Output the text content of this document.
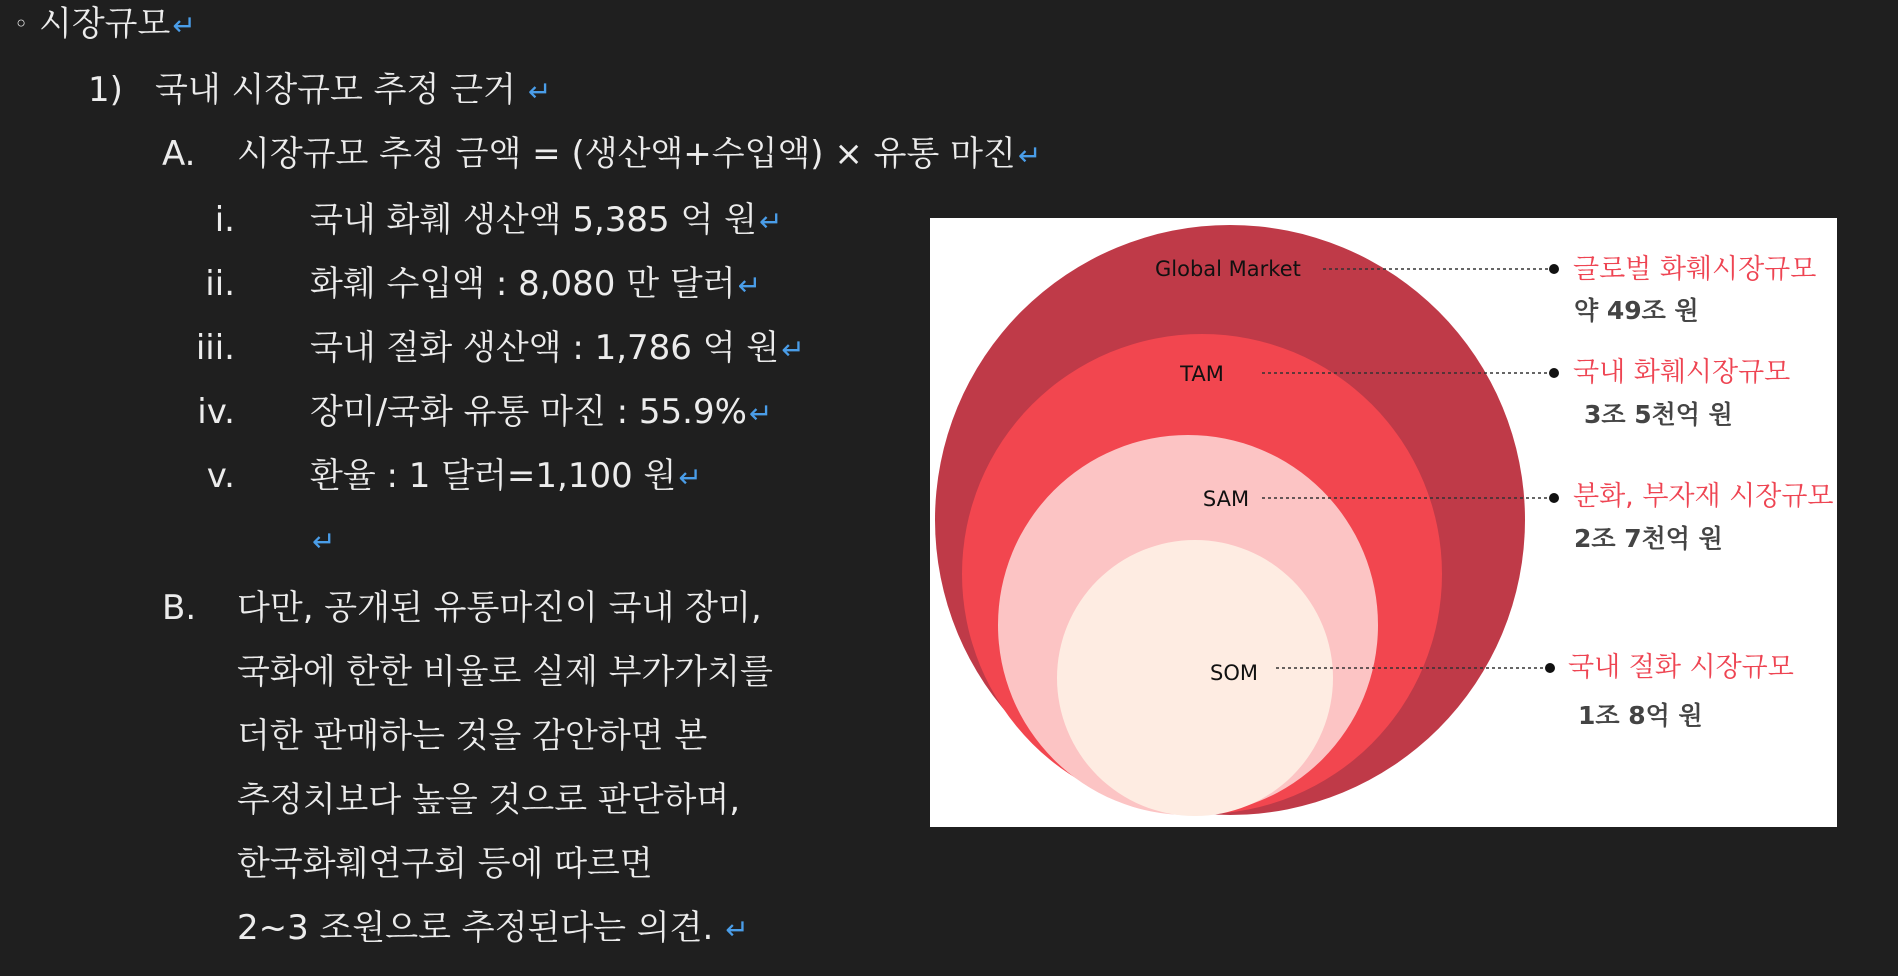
◦ 시장규모↵
1) 국내 시장규모 추정 근거 ↵
A. 시장규모 추정 금액 = (생산액+수입액) × 유통 마진↵
i. 국내 화훼 생산액 5,385 억 원↵
ii. 화훼 수입액 : 8,080 만 달러↵
iii. 국내 절화 생산액 : 1,786 억 원↵
iv. 장미/국화 유통 마진 : 55.9%↵
v. 환율 : 1 달러=1,100 원↵
↵
B. 다만, 공개된 유통마진이 국내 장미,
국화에 한한 비율로 실제 부가가치를
더한 판매하는 것을 감안하면 본
추정치보다 높을 것으로 판단하며,
한국화훼연구회 등에 따르면
2~3 조원으로 추정된다는 의견. ↵
Global Market
TAM
SAM
SOM
글로벌 화훼시장규모
약 49조 원
국내 화훼시장규모
3조 5천억 원
분화, 부자재 시장규모
2조 7천억 원
국내 절화 시장규모
1조 8억 원
